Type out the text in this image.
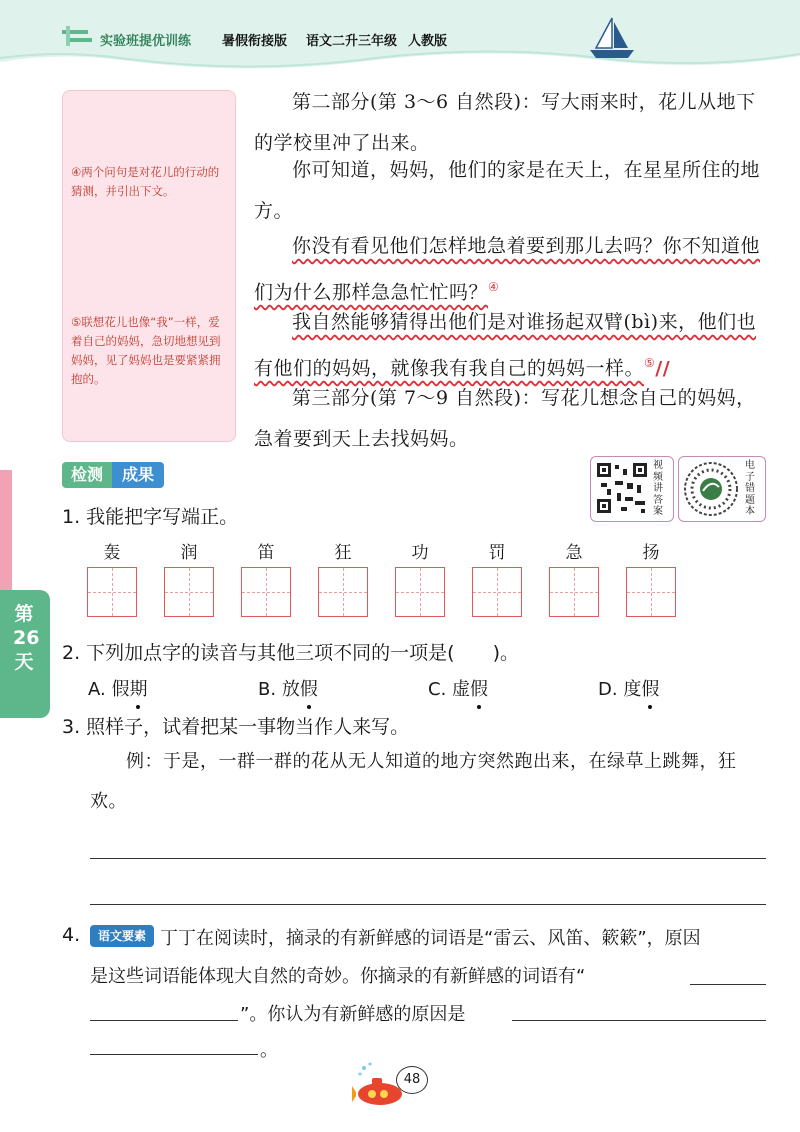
实验班提优训练 暑假衔接版 语文二升三年级 人教版
④两个问句是对花儿的行动的猜测，并引出下文。
⑤联想花儿也像“我”一样，爱着自己的妈妈，急切地想见到妈妈，见了妈妈也是要紧紧拥抱的。
第二部分(第 3～6 自然段)：写大雨来时，花儿从地下的学校里冲了出来。
你可知道，妈妈，他们的家是在天上，在星星所住的地方。
你没有看见他们怎样地急着要到那儿去吗？你不知道他们为什么那样急急忙忙吗？④
我自然能够猜得出他们是对谁扬起双臂(bì)来，他们也有他们的妈妈，就像我有我自己的妈妈一样。⑤//
第三部分(第 7～9 自然段)：写花儿想念自己的妈妈，急着要到天上去找妈妈。
第26天
检测	成果	视频讲答案
电子错题本
1. 我能把字写端正。
轰	润	笛	狂	功	罚	急	扬
2. 下列加点字的读音与其他三项不同的一项是(　　)。
A. 假期	B. 放假	C. 虚假	D. 度假
3. 照样子，试着把某一事物当作人来写。
例：于是，一群一群的花从无人知道的地方突然跑出来，在绿草上跳舞，狂欢。
4.	语文要素 丁丁在阅读时，摘录的有新鲜感的词语是“雷云、风笛、簌簌”，原因
是这些词语能体现大自然的奇妙。你摘录的有新鲜感的词语有“
”。你认为有新鲜感的原因是
。
48
